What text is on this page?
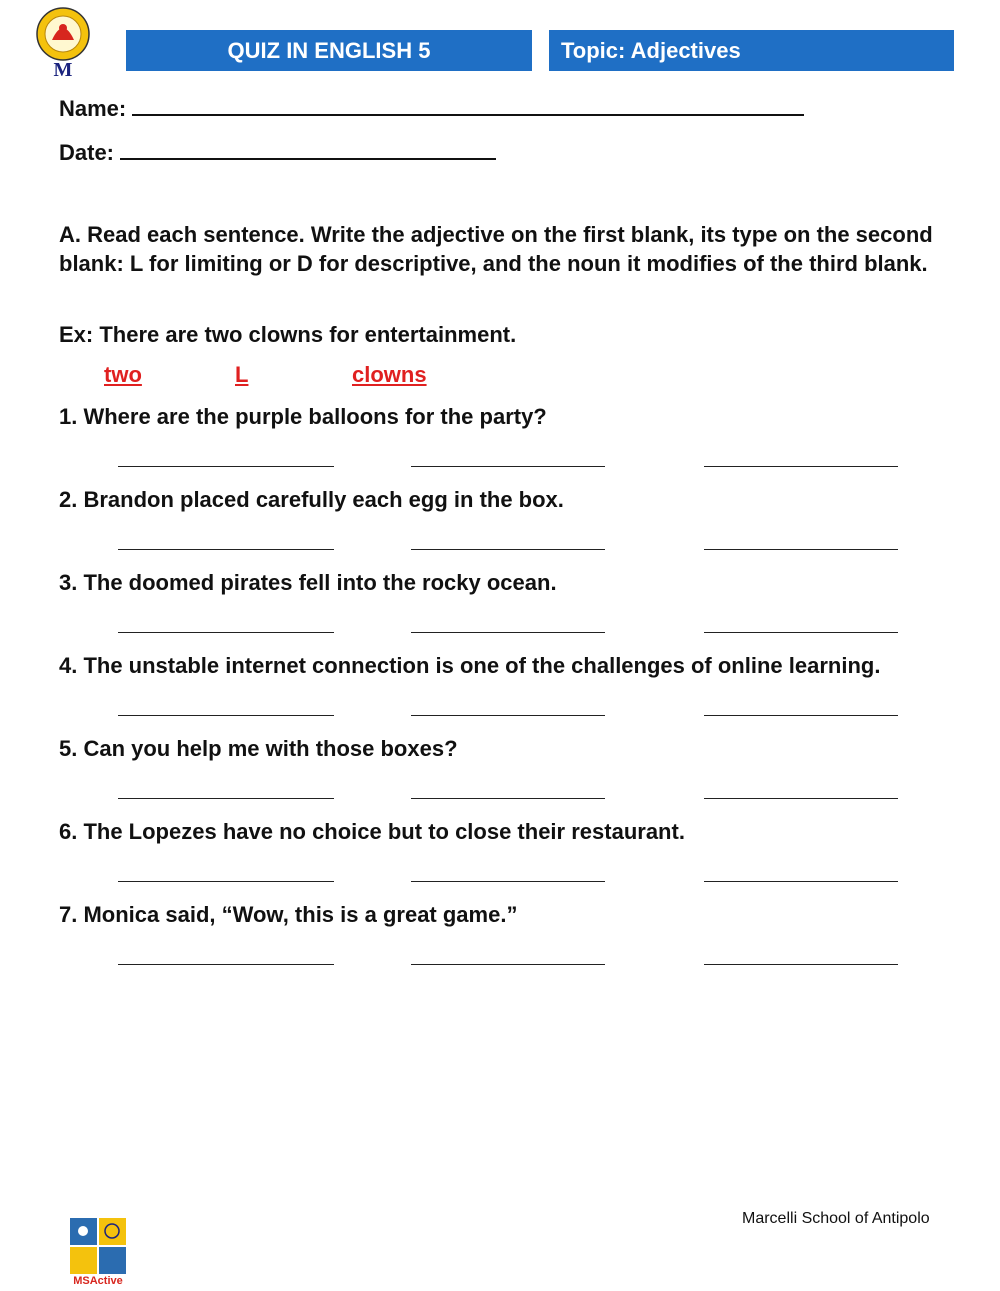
M
QUIZ IN ENGLISH 5	Topic: Adjectives
Name:
Date:
A. Read each sentence. Write the adjective on the first blank, its type on the second blank: L for limiting or D for descriptive, and the noun it modifies of the third blank.
Ex: There are two clowns for entertainment.
two	L	clowns
1. Where are the purple balloons for the party?
2. Brandon placed carefully each egg in the box.
3. The doomed pirates fell into the rocky ocean.
4. The unstable internet connection is one of the challenges of online learning.
5. Can you help me with those boxes?
6. The Lopezes have no choice but to close their restaurant.
7. Monica said, “Wow, this is a great game.”
MSActive
Marcelli School of Antipolo
